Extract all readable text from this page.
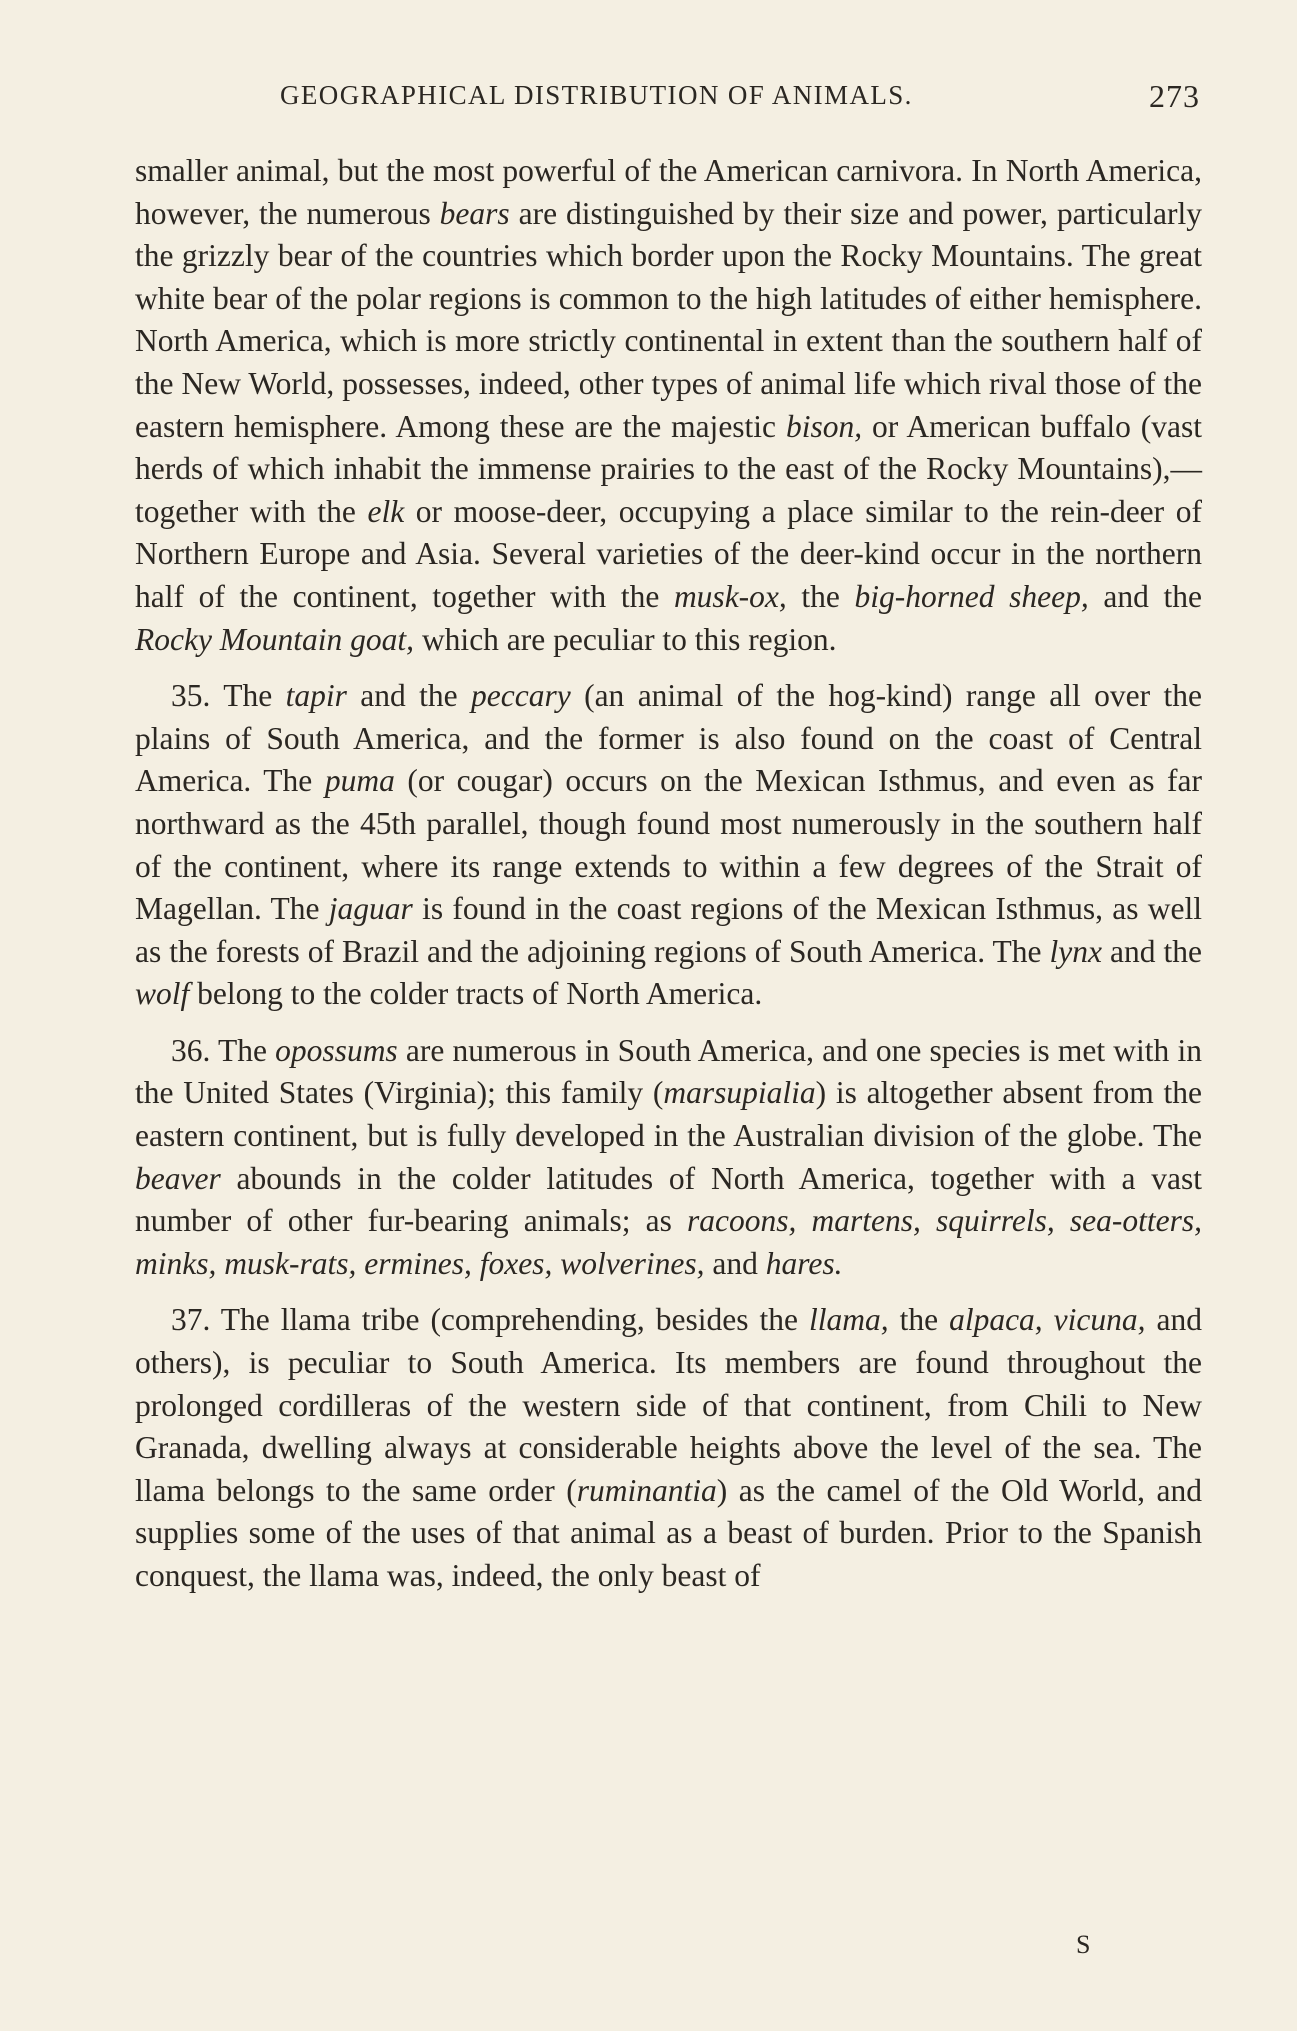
GEOGRAPHICAL DISTRIBUTION OF ANIMALS.	273

smaller animal, but the most powerful of the American carnivora. In North America, however, the numerous bears are distinguished by their size and power, particularly the grizzly bear of the countries which border upon the Rocky Mountains. The great white bear of the polar regions is common to the high latitudes of either hemisphere. North America, which is more strictly continental in extent than the southern half of the New World, possesses, indeed, other types of animal life which rival those of the eastern hemisphere. Among these are the majestic bison, or American buffalo (vast herds of which inhabit the immense prairies to the east of the Rocky Mountains),—together with the elk or moose-deer, occupying a place similar to the rein-deer of Northern Europe and Asia. Several varieties of the deer-kind occur in the northern half of the continent, together with the musk-ox, the big-horned sheep, and the Rocky Mountain goat, which are peculiar to this region.

35. The tapir and the peccary (an animal of the hog-kind) range all over the plains of South America, and the former is also found on the coast of Central America. The puma (or cougar) occurs on the Mexican Isthmus, and even as far northward as the 45th parallel, though found most numerously in the southern half of the continent, where its range extends to within a few degrees of the Strait of Magellan. The jaguar is found in the coast regions of the Mexican Isthmus, as well as the forests of Brazil and the adjoining regions of South America. The lynx and the wolf belong to the colder tracts of North America.

36. The opossums are numerous in South America, and one species is met with in the United States (Virginia); this family (marsupialia) is altogether absent from the eastern continent, but is fully developed in the Australian division of the globe. The beaver abounds in the colder latitudes of North America, together with a vast number of other fur-bearing animals; as racoons, martens, squirrels, sea-otters, minks, musk-rats, ermines, foxes, wolverines, and hares.

37. The llama tribe (comprehending, besides the llama, the alpaca, vicuna, and others), is peculiar to South America. Its members are found throughout the prolonged cordilleras of the western side of that continent, from Chili to New Granada, dwelling always at considerable heights above the level of the sea. The llama belongs to the same order (ruminantia) as the camel of the Old World, and supplies some of the uses of that animal as a beast of burden. Prior to the Spanish conquest, the llama was, indeed, the only beast of

S
